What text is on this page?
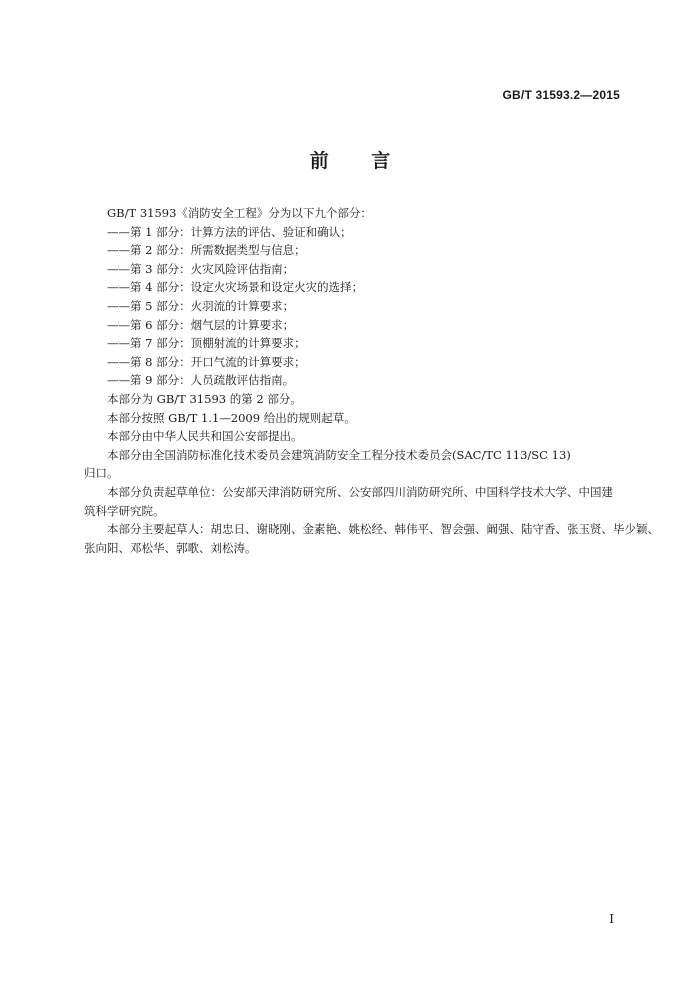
GB/T 31593.2—2015
前 言
GB/T 31593《消防安全工程》分为以下九个部分：
——第 1 部分：计算方法的评估、验证和确认；
——第 2 部分：所需数据类型与信息；
——第 3 部分：火灾风险评估指南；
——第 4 部分：设定火灾场景和设定火灾的选择；
——第 5 部分：火羽流的计算要求；
——第 6 部分：烟气层的计算要求；
——第 7 部分：顶棚射流的计算要求；
——第 8 部分：开口气流的计算要求；
——第 9 部分：人员疏散评估指南。
本部分为 GB/T 31593 的第 2 部分。
本部分按照 GB/T 1.1—2009 给出的规则起草。
本部分由中华人民共和国公安部提出。
本部分由全国消防标准化技术委员会建筑消防安全工程分技术委员会(SAC/TC 113/SC 13)
归口。
本部分负责起草单位：公安部天津消防研究所、公安部四川消防研究所、中国科学技术大学、中国建
筑科学研究院。
本部分主要起草人：胡忠日、谢晓刚、金素艳、姚松经、韩伟平、智会强、阚强、陆守香、张玉贤、毕少颖、
张向阳、邓松华、郭歌、刘松涛。
I
